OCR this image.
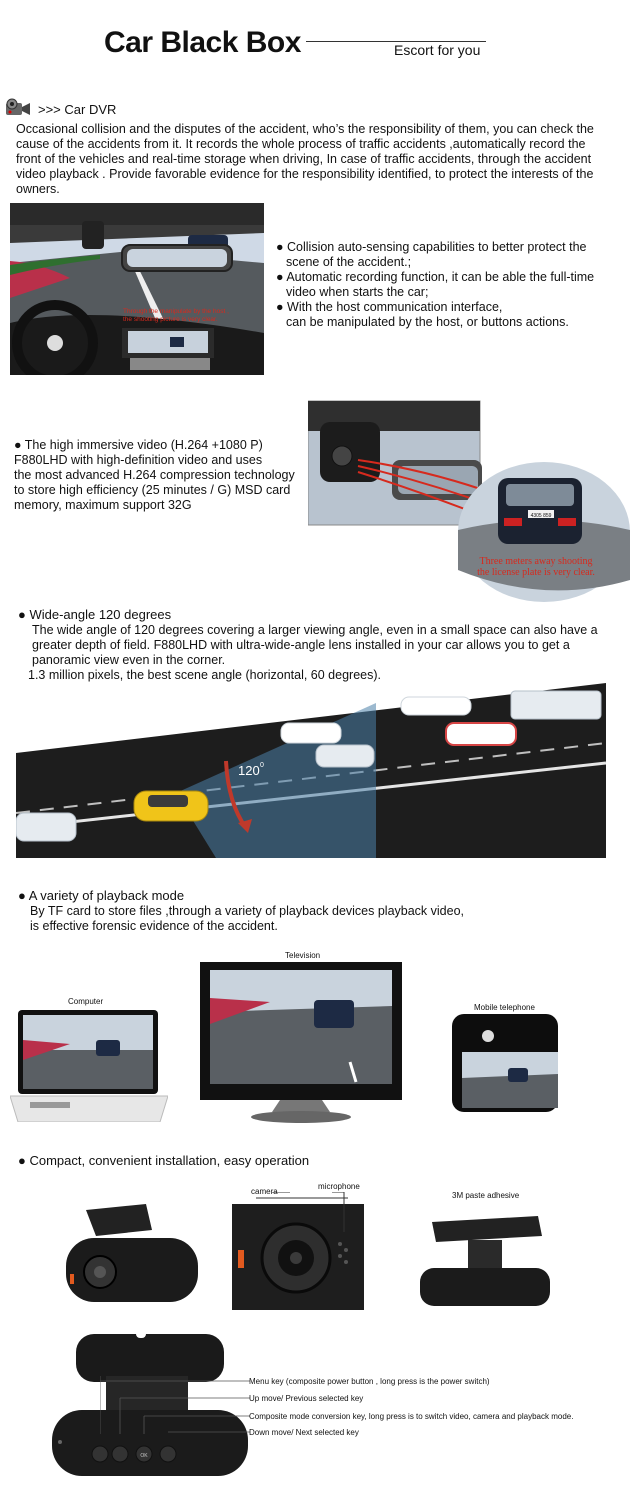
Car Black Box	Escort for you
>>> Car DVR
Occasional collision and the disputes of the accident, who’s the responsibility of them, you can check the
cause of the accidents from it. It records the whole process of traffic accidents ,automatically record the
front of the vehicles and real-time storage when driving, In case of traffic accidents, through the accident
video playback . Provide favorable evidence for the responsibility identified, to protect the interests of the
owners.
Through the manipulate by the host ,
the shooting picture is very clear.
● Collision auto-sensing capabilities to better protect the
scene of the accident.;
● Automatic recording function, it can be able the full-time
video when starts the car;
● With the host communication interface,
can be manipulated by the host, or buttons actions.
● The high immersive video (H.264 +1080 P)
F880LHD with high-definition video and uses
the most advanced H.264 compression technology
to store high efficiency (25 minutes / G) MSD card
memory, maximum support 32G
4305 859
Three meters away shooting
the license plate is very clear.
● Wide-angle 120 degrees
The wide angle of 120 degrees covering a larger viewing angle, even in a small space can also have a
greater depth of field. F880LHD with ultra-wide-angle lens installed in your car allows you to get a
panoramic view even in the corner.
1.3 million pixels, the best scene angle (horizontal, 60 degrees).
120 0
● A variety of playback mode
By TF card to store files ,through a variety of playback devices playback video,
is effective forensic evidence of the accident.
Computer
Television
Mobile telephone
● Compact, convenient installation, easy operation
camera
microphone
3M paste adhesive
OK
Menu key (composite power button , long press is the power switch)
Up move/ Previous selected key
Composite mode conversion key, long press is to switch video, camera and playback mode.
Down move/ Next selected key
